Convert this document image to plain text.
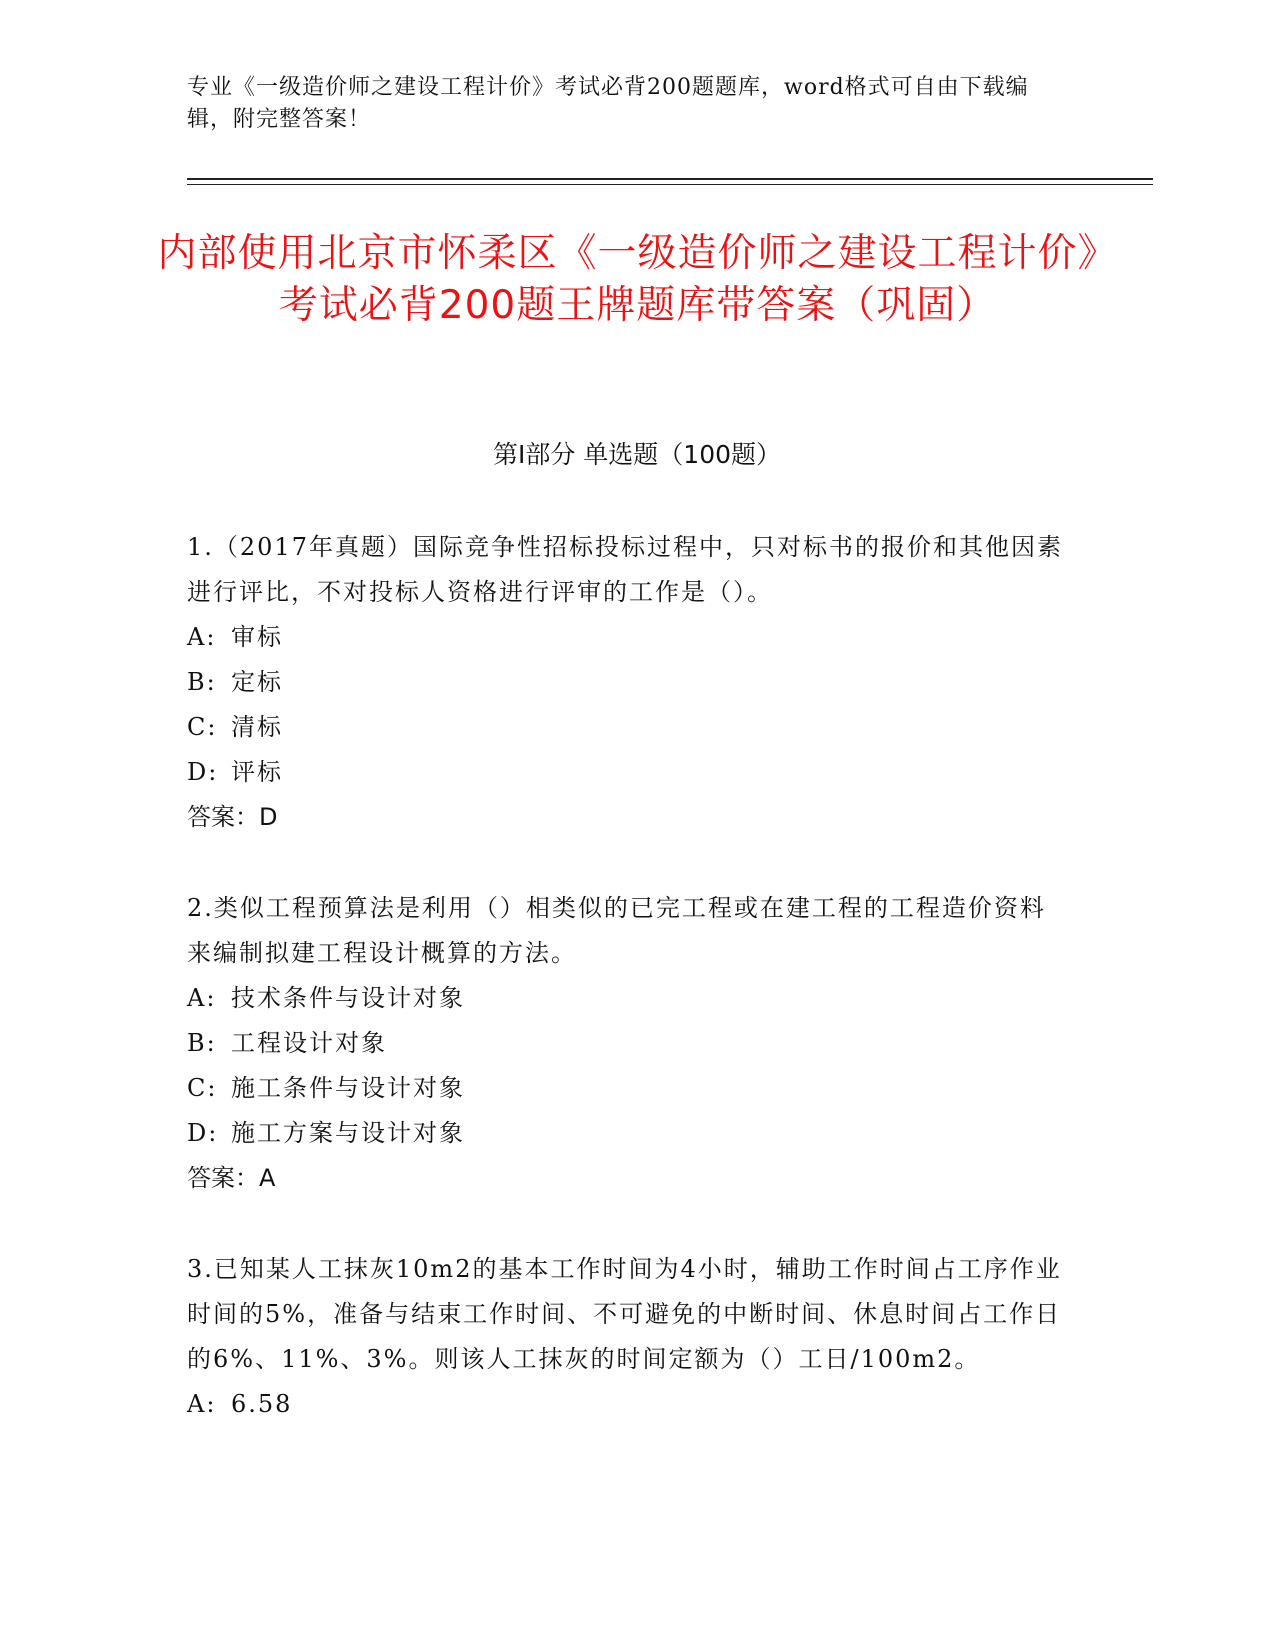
专业《一级造价师之建设工程计价》考试必背200题题库，word格式可自由下载编辑，附完整答案！
内部使用北京市怀柔区《一级造价师之建设工程计价》考试必背200题王牌题库带答案（巩固）
第I部分 单选题（100题）

1.（2017年真题）国际竞争性招标投标过程中，只对标书的报价和其他因素进行评比，不对投标人资格进行评审的工作是（）。

A: 审标

B: 定标

C: 清标

D: 评标

答案：D

2.类似工程预算法是利用（）相类似的已完工程或在建工程的工程造价资料来编制拟建工程设计概算的方法。

A: 技术条件与设计对象

B: 工程设计对象

C: 施工条件与设计对象

D: 施工方案与设计对象

答案：A

3.已知某人工抹灰10m2的基本工作时间为4小时，辅助工作时间占工序作业时间的5%，准备与结束工作时间、不可避免的中断时间、休息时间占工作日的6%、11%、3%。则该人工抹灰的时间定额为（）工日/100m2。

A: 6.58
